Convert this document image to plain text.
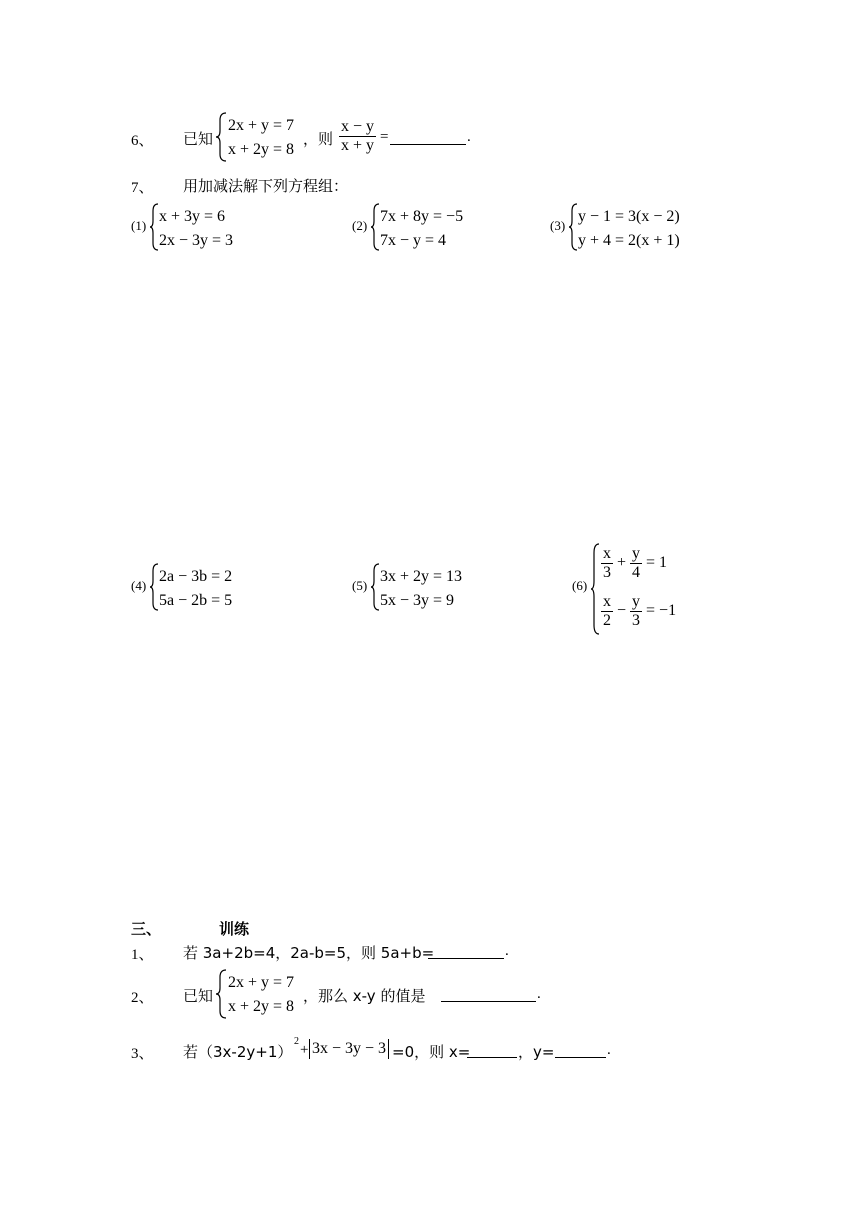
6、 已知
2x + y = 7
x + 2y = 8
，则 $\frac{x - y}{x + y}$ =	.
7、 用加减法解下列方程组：
(1)
x + 3y = 6
2x − 3y = 3
(2)
7x + 8y = −5
7x − y = 4
(3)
y − 1 = 3(x − 2)
y + 4 = 2(x + 1)
(4)
2a − 3b = 2
5a − 2b = 5
(5)
3x + 2y = 13
5x − 3y = 9
(6)
$\frac{x}{3} + \frac{y}{4} = 1$
$\frac{x}{2} - \frac{y}{3} = -1$
三、	训练
1、 若 3a+2b=4，2a-b=5，则 5a+b=	.
2、 已知
2x + y = 7
x + 2y = 8
，那么 x-y 的值是	.
3、 若（3x-2y+1）
2
+ 3x − 3y − 3 =0，则 x=	，y=	.
